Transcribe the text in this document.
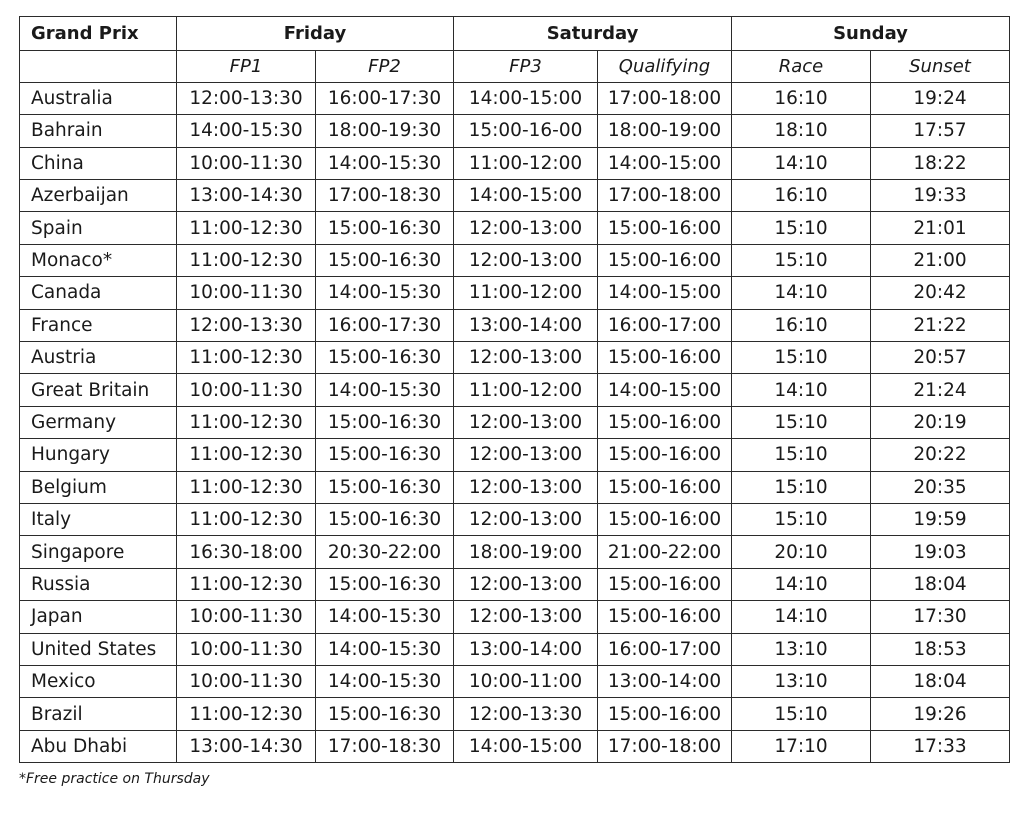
Grand Prix	Friday		Saturday		Sunday	
	FP1	FP2	FP3	Qualifying	Race	Sunset
Australia	12:00-13:30	16:00-17:30	14:00-15:00	17:00-18:00	16:10	19:24
Bahrain	14:00-15:30	18:00-19:30	15:00-16-00	18:00-19:00	18:10	17:57
China	10:00-11:30	14:00-15:30	11:00-12:00	14:00-15:00	14:10	18:22
Azerbaijan	13:00-14:30	17:00-18:30	14:00-15:00	17:00-18:00	16:10	19:33
Spain	11:00-12:30	15:00-16:30	12:00-13:00	15:00-16:00	15:10	21:01
Monaco*	11:00-12:30	15:00-16:30	12:00-13:00	15:00-16:00	15:10	21:00
Canada	10:00-11:30	14:00-15:30	11:00-12:00	14:00-15:00	14:10	20:42
France	12:00-13:30	16:00-17:30	13:00-14:00	16:00-17:00	16:10	21:22
Austria	11:00-12:30	15:00-16:30	12:00-13:00	15:00-16:00	15:10	20:57
Great Britain	10:00-11:30	14:00-15:30	11:00-12:00	14:00-15:00	14:10	21:24
Germany	11:00-12:30	15:00-16:30	12:00-13:00	15:00-16:00	15:10	20:19
Hungary	11:00-12:30	15:00-16:30	12:00-13:00	15:00-16:00	15:10	20:22
Belgium	11:00-12:30	15:00-16:30	12:00-13:00	15:00-16:00	15:10	20:35
Italy	11:00-12:30	15:00-16:30	12:00-13:00	15:00-16:00	15:10	19:59
Singapore	16:30-18:00	20:30-22:00	18:00-19:00	21:00-22:00	20:10	19:03
Russia	11:00-12:30	15:00-16:30	12:00-13:00	15:00-16:00	14:10	18:04
Japan	10:00-11:30	14:00-15:30	12:00-13:00	15:00-16:00	14:10	17:30
United States	10:00-11:30	14:00-15:30	13:00-14:00	16:00-17:00	13:10	18:53
Mexico	10:00-11:30	14:00-15:30	10:00-11:00	13:00-14:00	13:10	18:04
Brazil	11:00-12:30	15:00-16:30	12:00-13:30	15:00-16:00	15:10	19:26
Abu Dhabi	13:00-14:30	17:00-18:30	14:00-15:00	17:00-18:00	17:10	17:33
*Free practice on Thursday
